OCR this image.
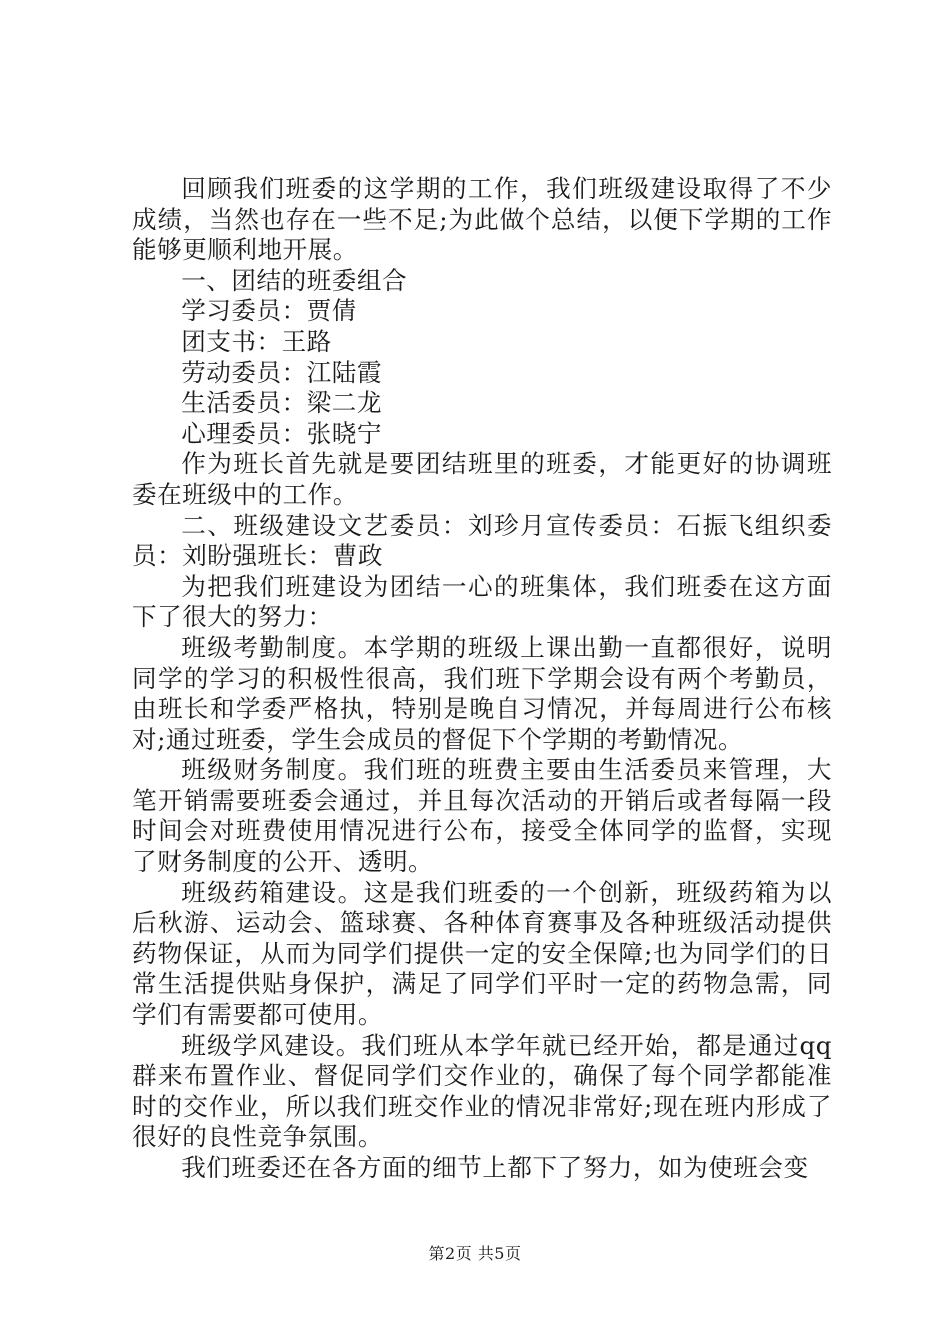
回顾我们班委的这学期的工作，我们班级建设取得了不少成绩，当然也存在一些不足;为此做个总结，以便下学期的工作能够更顺利地开展。

一、团结的班委组合

学习委员：贾倩

团支书：王路

劳动委员：江陆霞

生活委员：梁二龙

心理委员：张晓宁

作为班长首先就是要团结班里的班委，才能更好的协调班委在班级中的工作。

二、班级建设文艺委员：刘珍月宣传委员：石振飞组织委员：刘盼强班长：曹政

为把我们班建设为团结一心的班集体，我们班委在这方面下了很大的努力：

班级考勤制度。本学期的班级上课出勤一直都很好，说明同学的学习的积极性很高，我们班下学期会设有两个考勤员，由班长和学委严格执，特别是晚自习情况，并每周进行公布核对;通过班委，学生会成员的督促下个学期的考勤情况。

班级财务制度。我们班的班费主要由生活委员来管理，大笔开销需要班委会通过，并且每次活动的开销后或者每隔一段时间会对班费使用情况进行公布，接受全体同学的监督，实现了财务制度的公开、透明。

班级药箱建设。这是我们班委的一个创新，班级药箱为以后秋游、运动会、篮球赛、各种体育赛事及各种班级活动提供药物保证，从而为同学们提供一定的安全保障;也为同学们的日常生活提供贴身保护，满足了同学们平时一定的药物急需，同学们有需要都可使用。

班级学风建设。我们班从本学年就已经开始，都是通过qq群来布置作业、督促同学们交作业的，确保了每个同学都能准时的交作业，所以我们班交作业的情况非常好;现在班内形成了很好的良性竞争氛围。

我们班委还在各方面的细节上都下了努力，如为使班会变

第2页 共5页
